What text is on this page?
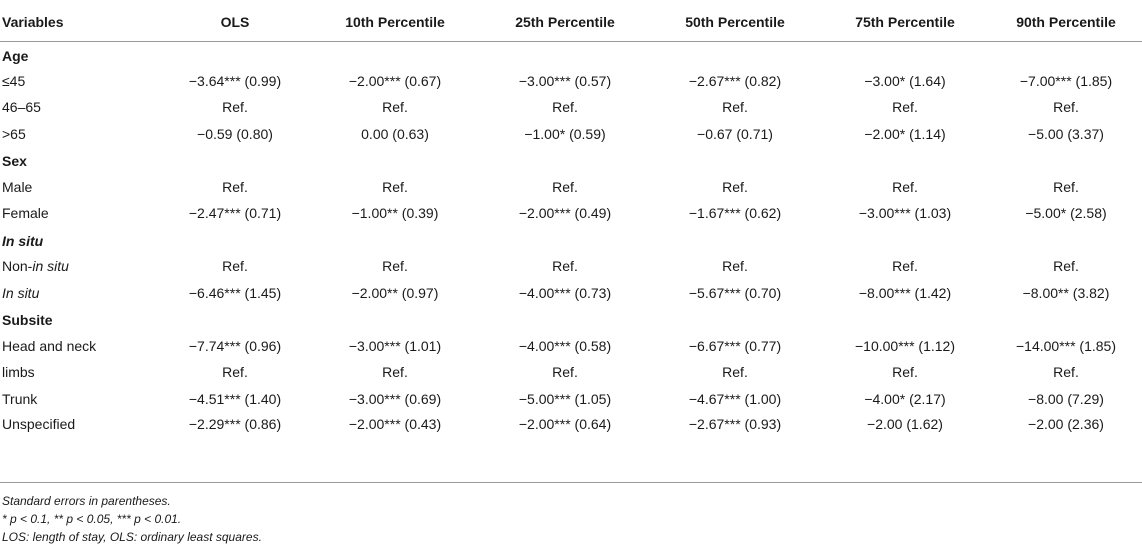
Variables	OLS	10th Percentile	25th Percentile	50th Percentile	75th Percentile	90th Percentile
Age						
≤45	−3.64*** (0.99)	−2.00*** (0.67)	−3.00*** (0.57)	−2.67*** (0.82)	−3.00* (1.64)	−7.00*** (1.85)
46–65	Ref.	Ref.	Ref.	Ref.	Ref.	Ref.
>65	−0.59 (0.80)	0.00 (0.63)	−1.00* (0.59)	−0.67 (0.71)	−2.00* (1.14)	−5.00 (3.37)
Sex						
Male	Ref.	Ref.	Ref.	Ref.	Ref.	Ref.
Female	−2.47*** (0.71)	−1.00** (0.39)	−2.00*** (0.49)	−1.67*** (0.62)	−3.00*** (1.03)	−5.00* (2.58)
In situ						
Non-in situ	Ref.	Ref.	Ref.	Ref.	Ref.	Ref.
In situ	−6.46*** (1.45)	−2.00** (0.97)	−4.00*** (0.73)	−5.67*** (0.70)	−8.00*** (1.42)	−8.00** (3.82)
Subsite						
Head and neck	−7.74*** (0.96)	−3.00*** (1.01)	−4.00*** (0.58)	−6.67*** (0.77)	−10.00*** (1.12)	−14.00*** (1.85)
limbs	Ref.	Ref.	Ref.	Ref.	Ref.	Ref.
Trunk	−4.51*** (1.40)	−3.00*** (0.69)	−5.00*** (1.05)	−4.67*** (1.00)	−4.00* (2.17)	−8.00 (7.29)
Unspecified	−2.29*** (0.86)	−2.00*** (0.43)	−2.00*** (0.64)	−2.67*** (0.93)	−2.00 (1.62)	−2.00 (2.36)
Standard errors in parentheses.
* p < 0.1, ** p < 0.05, *** p < 0.01.
LOS: length of stay, OLS: ordinary least squares.
